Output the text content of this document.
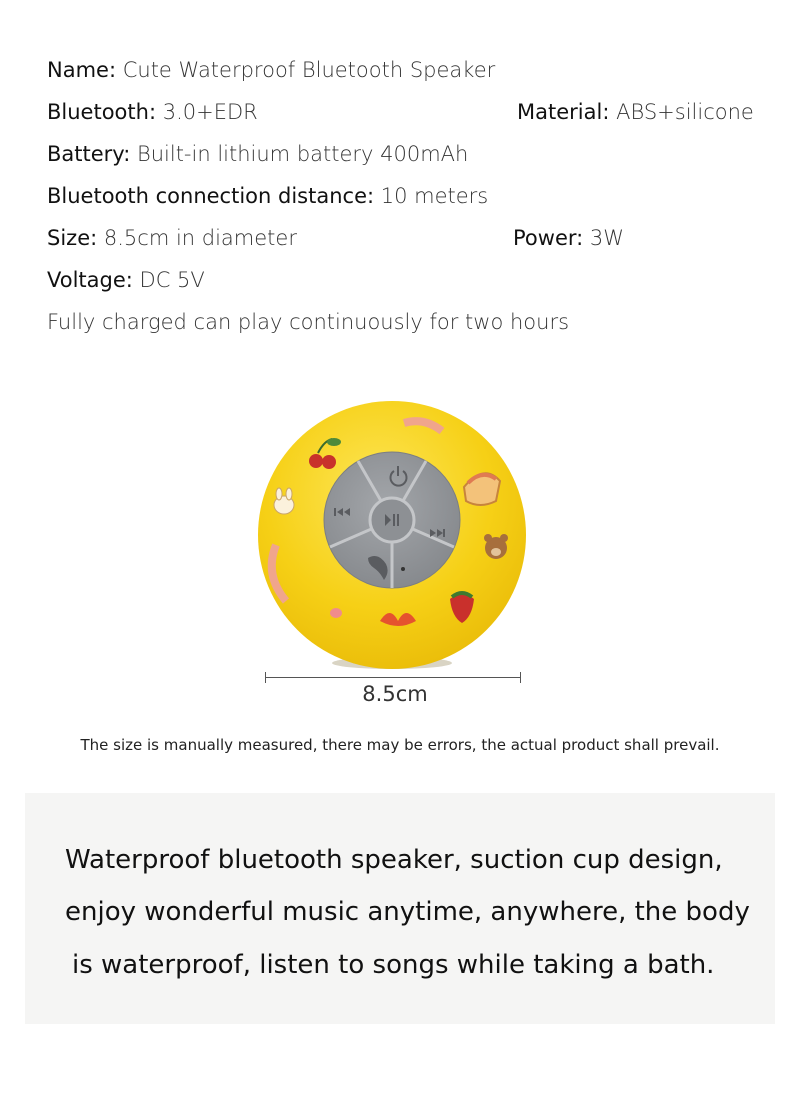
Name: Cute Waterproof Bluetooth Speaker
Bluetooth: 3.0+EDR	Material: ABS+silicone
Battery: Built-in lithium battery 400mAh
Bluetooth connection distance: 10 meters
Size: 8.5cm in diameter	Power: 3W
Voltage: DC 5V
Fully charged can play continuously for two hours
8.5cm
The size is manually measured, there may be errors, the actual product shall prevail.
Waterproof bluetooth speaker, suction cup design,
enjoy wonderful music anytime, anywhere, the body
is waterproof, listen to songs while taking a bath.
